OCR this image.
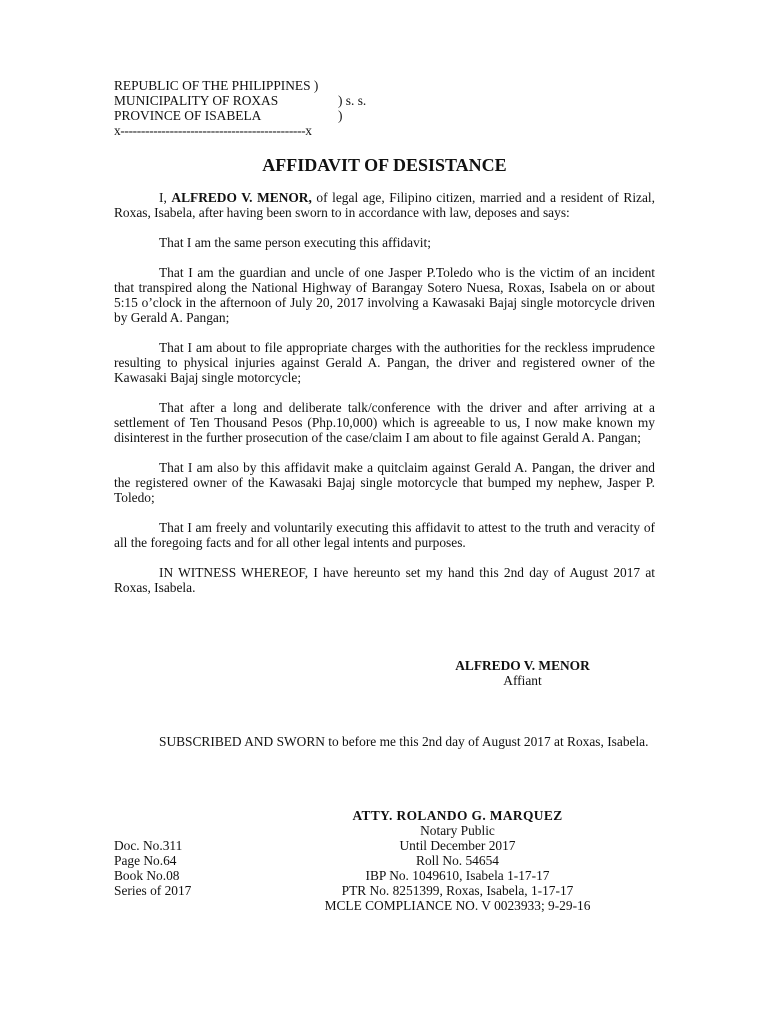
REPUBLIC OF THE PHILIPPINES )
MUNICIPALITY OF ROXAS	) s. s.
PROVINCE OF ISABELA	)
x---------------------------------------------x
AFFIDAVIT OF DESISTANCE

I, ALFREDO V. MENOR, of legal age, Filipino citizen, married and a resident of Rizal, Roxas, Isabela, after having been sworn to in accordance with law, deposes and says:

That I am the same person executing this affidavit;

That I am the guardian and uncle of one Jasper P.Toledo who is the victim of an incident that transpired along the National Highway of Barangay Sotero Nuesa, Roxas, Isabela on or about 5:15 o’clock in the afternoon of July 20, 2017 involving a Kawasaki Bajaj single motorcycle driven by Gerald A. Pangan;

That I am about to file appropriate charges with the authorities for the reckless imprudence resulting to physical injuries against Gerald A. Pangan, the driver and registered owner of the Kawasaki Bajaj single motorcycle;

That after a long and deliberate talk/conference with the driver and after arriving at a settlement of Ten Thousand Pesos (Php.10,000) which is agreeable to us, I now make known my disinterest in the further prosecution of the case/claim I am about to file against Gerald A. Pangan;

That I am also by this affidavit make a quitclaim against Gerald A. Pangan, the driver and the registered owner of the Kawasaki Bajaj single motorcycle that bumped my nephew, Jasper P. Toledo;

That I am freely and voluntarily executing this affidavit to attest to the truth and veracity of all the foregoing facts and for all other legal intents and purposes.

IN WITNESS WHEREOF, I have hereunto set my hand this 2nd day of August 2017 at Roxas, Isabela.

ALFREDO V. MENOR
Affiant

SUBSCRIBED AND SWORN to before me this 2nd day of August 2017 at Roxas, Isabela.

ATTY. ROLANDO G. MARQUEZ
Notary Public
Until December 2017
Roll No. 54654
IBP No. 1049610, Isabela 1-17-17
PTR No. 8251399, Roxas, Isabela, 1-17-17
MCLE COMPLIANCE NO. V 0023933; 9-29-16
Doc. No.311
Page No.64
Book No.08
Series of 2017
